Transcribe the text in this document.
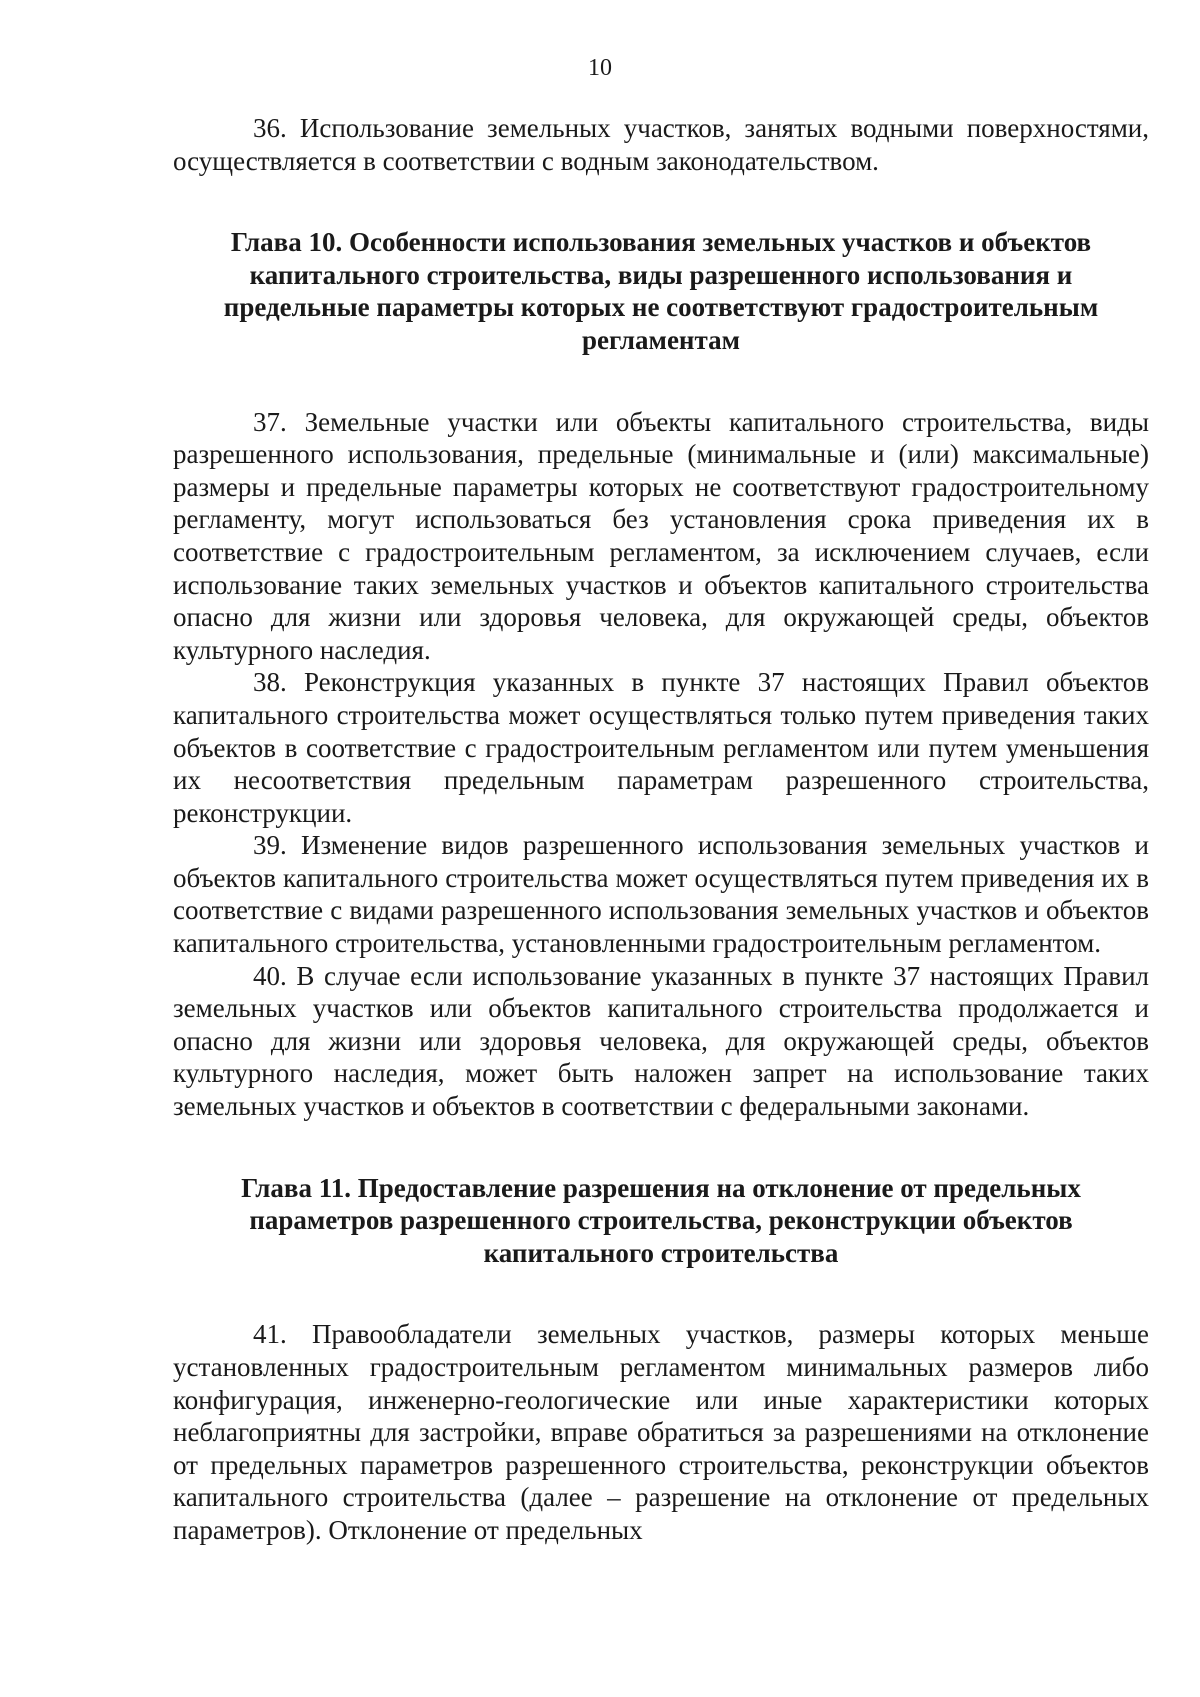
10

36. Использование земельных участков, занятых водными поверхностями, осуществляется в соответствии с водным законодательством.

Глава 10. Особенности использования земельных участков и объектов капитального строительства, виды разрешенного использования и предельные параметры которых не соответствуют градостроительным регламентам

37. Земельные участки или объекты капитального строительства, виды разрешенного использования, предельные (минимальные и (или) максимальные) размеры и предельные параметры которых не соответствуют градостроительному регламенту, могут использоваться без установления срока приведения их в соответствие с градостроительным регламентом, за исключением случаев, если использование таких земельных участков и объектов капитального строительства опасно для жизни или здоровья человека, для окружающей среды, объектов культурного наследия.

38. Реконструкция указанных в пункте 37 настоящих Правил объектов капитального строительства может осуществляться только путем приведения таких объектов в соответствие с градостроительным регламентом или путем уменьшения их несоответствия предельным параметрам разрешенного строительства, реконструкции.

39. Изменение видов разрешенного использования земельных участков и объектов капитального строительства может осуществляться путем приведения их в соответствие с видами разрешенного использования земельных участков и объектов капитального строительства, установленными градостроительным регламентом.

40. В случае если использование указанных в пункте 37 настоящих Правил земельных участков или объектов капитального строительства продолжается и опасно для жизни или здоровья человека, для окружающей среды, объектов культурного наследия, может быть наложен запрет на использование таких земельных участков и объектов в соответствии с федеральными законами.

Глава 11. Предоставление разрешения на отклонение от предельных параметров разрешенного строительства, реконструкции объектов капитального строительства

41. Правообладатели земельных участков, размеры которых меньше установленных градостроительным регламентом минимальных размеров либо конфигурация, инженерно-геологические или иные характеристики которых неблагоприятны для застройки, вправе обратиться за разрешениями на отклонение от предельных параметров разрешенного строительства, реконструкции объектов капитального строительства (далее – разрешение на отклонение от предельных параметров). Отклонение от предельных
